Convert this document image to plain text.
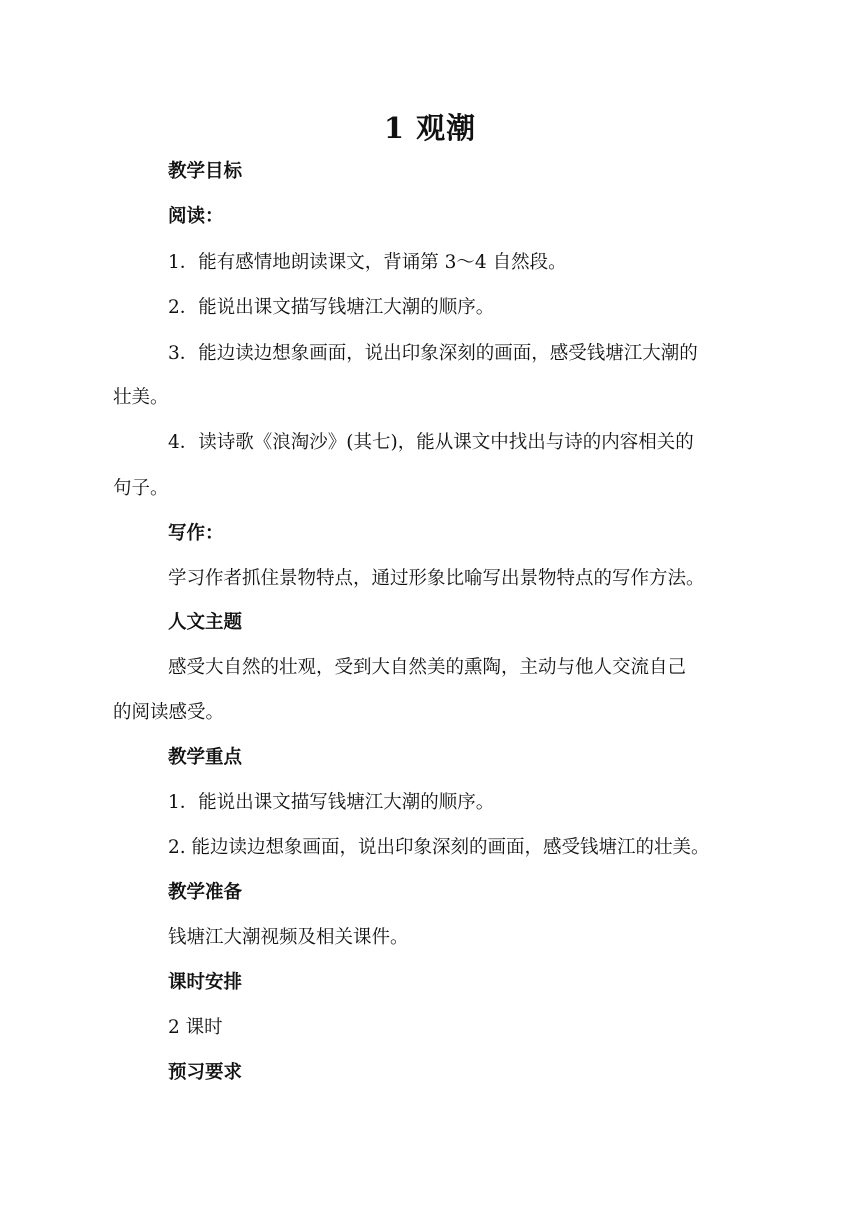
1 观潮
教学目标
阅读：
1．能有感情地朗读课文，背诵第 3～4 自然段。
2．能说出课文描写钱塘江大潮的顺序。
3．能边读边想象画面，说出印象深刻的画面，感受钱塘江大潮的
壮美。
4．读诗歌《浪淘沙》(其七)，能从课文中找出与诗的内容相关的
句子。
写作：
学习作者抓住景物特点，通过形象比喻写出景物特点的写作方法。
人文主题
感受大自然的壮观，受到大自然美的熏陶，主动与他人交流自己
的阅读感受。
教学重点
1．能说出课文描写钱塘江大潮的顺序。
2. 能边读边想象画面，说出印象深刻的画面，感受钱塘江的壮美。
教学准备
钱塘江大潮视频及相关课件。
课时安排
2 课时
预习要求
